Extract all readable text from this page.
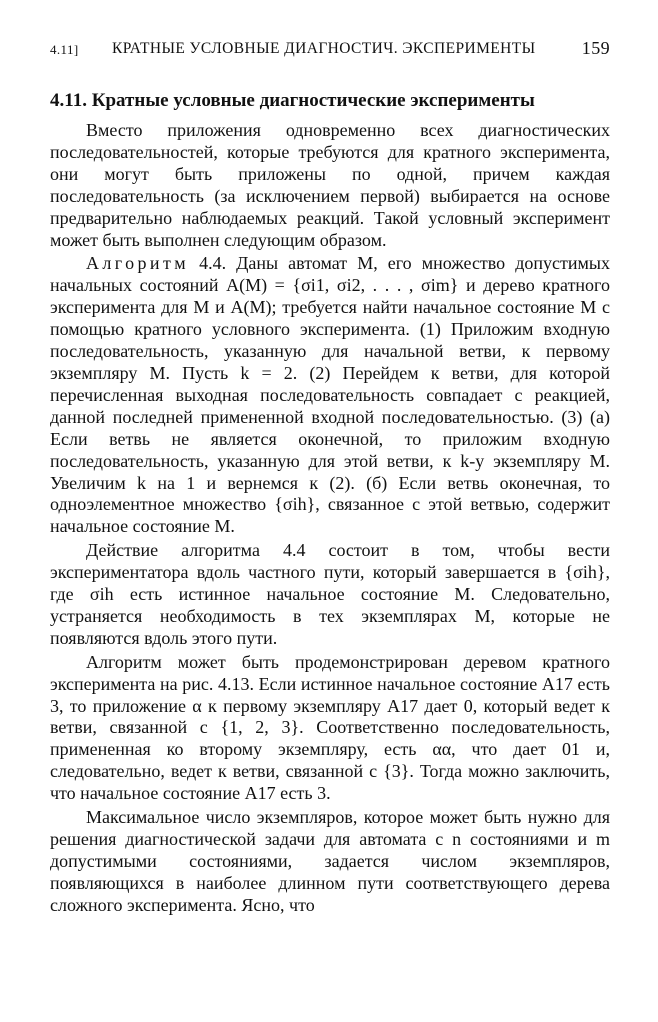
4.11] КРАТНЫЕ УСЛОВНЫЕ ДИАГНОСТИЧ. ЭКСПЕРИМЕНТЫ	159
4.11. Кратные условные диагностические эксперименты

Вместо приложения одновременно всех диагностических последовательностей, которые требуются для кратного эксперимента, они могут быть приложены по одной, причем каждая последовательность (за исключением первой) выбирается на основе предварительно наблюдаемых реакций. Такой условный эксперимент может быть выполнен следующим образом.

Алгоритм 4.4. Даны автомат M, его множество допустимых начальных состояний A(M) = {σi1, σi2, . . . , σim} и дерево кратного эксперимента для M и A(M); требуется найти начальное состояние M с помощью кратного условного эксперимента. (1) Приложим входную последовательность, указанную для начальной ветви, к первому экземпляру M. Пусть k = 2. (2) Перейдем к ветви, для которой перечисленная выходная последовательность совпадает с реакцией, данной последней примененной входной последовательностью. (3) (а) Если ветвь не является оконечной, то приложим входную последовательность, указанную для этой ветви, к k-у экземпляру M. Увеличим k на 1 и вернемся к (2). (б) Если ветвь оконечная, то одноэлементное множество {σih}, связанное с этой ветвью, содержит начальное состояние M.

Действие алгоритма 4.4 состоит в том, чтобы вести экспериментатора вдоль частного пути, который завершается в {σih}, где σih есть истинное начальное состояние M. Следовательно, устраняется необходимость в тех экземплярах M, которые не появляются вдоль этого пути.

Алгоритм может быть продемонстрирован деревом кратного эксперимента на рис. 4.13. Если истинное начальное состояние A17 есть 3, то приложение α к первому экземпляру A17 дает 0, который ведет к ветви, связанной с {1, 2, 3}. Соответственно последовательность, примененная ко второму экземпляру, есть αα, что дает 01 и, следовательно, ведет к ветви, связанной с {3}. Тогда можно заключить, что начальное состояние A17 есть 3.

Максимальное число экземпляров, которое может быть нужно для решения диагностической задачи для автомата с n состояниями и m допустимыми состояниями, задается числом экземпляров, появляющихся в наиболее длинном пути соответствующего дерева сложного эксперимента. Ясно, что
